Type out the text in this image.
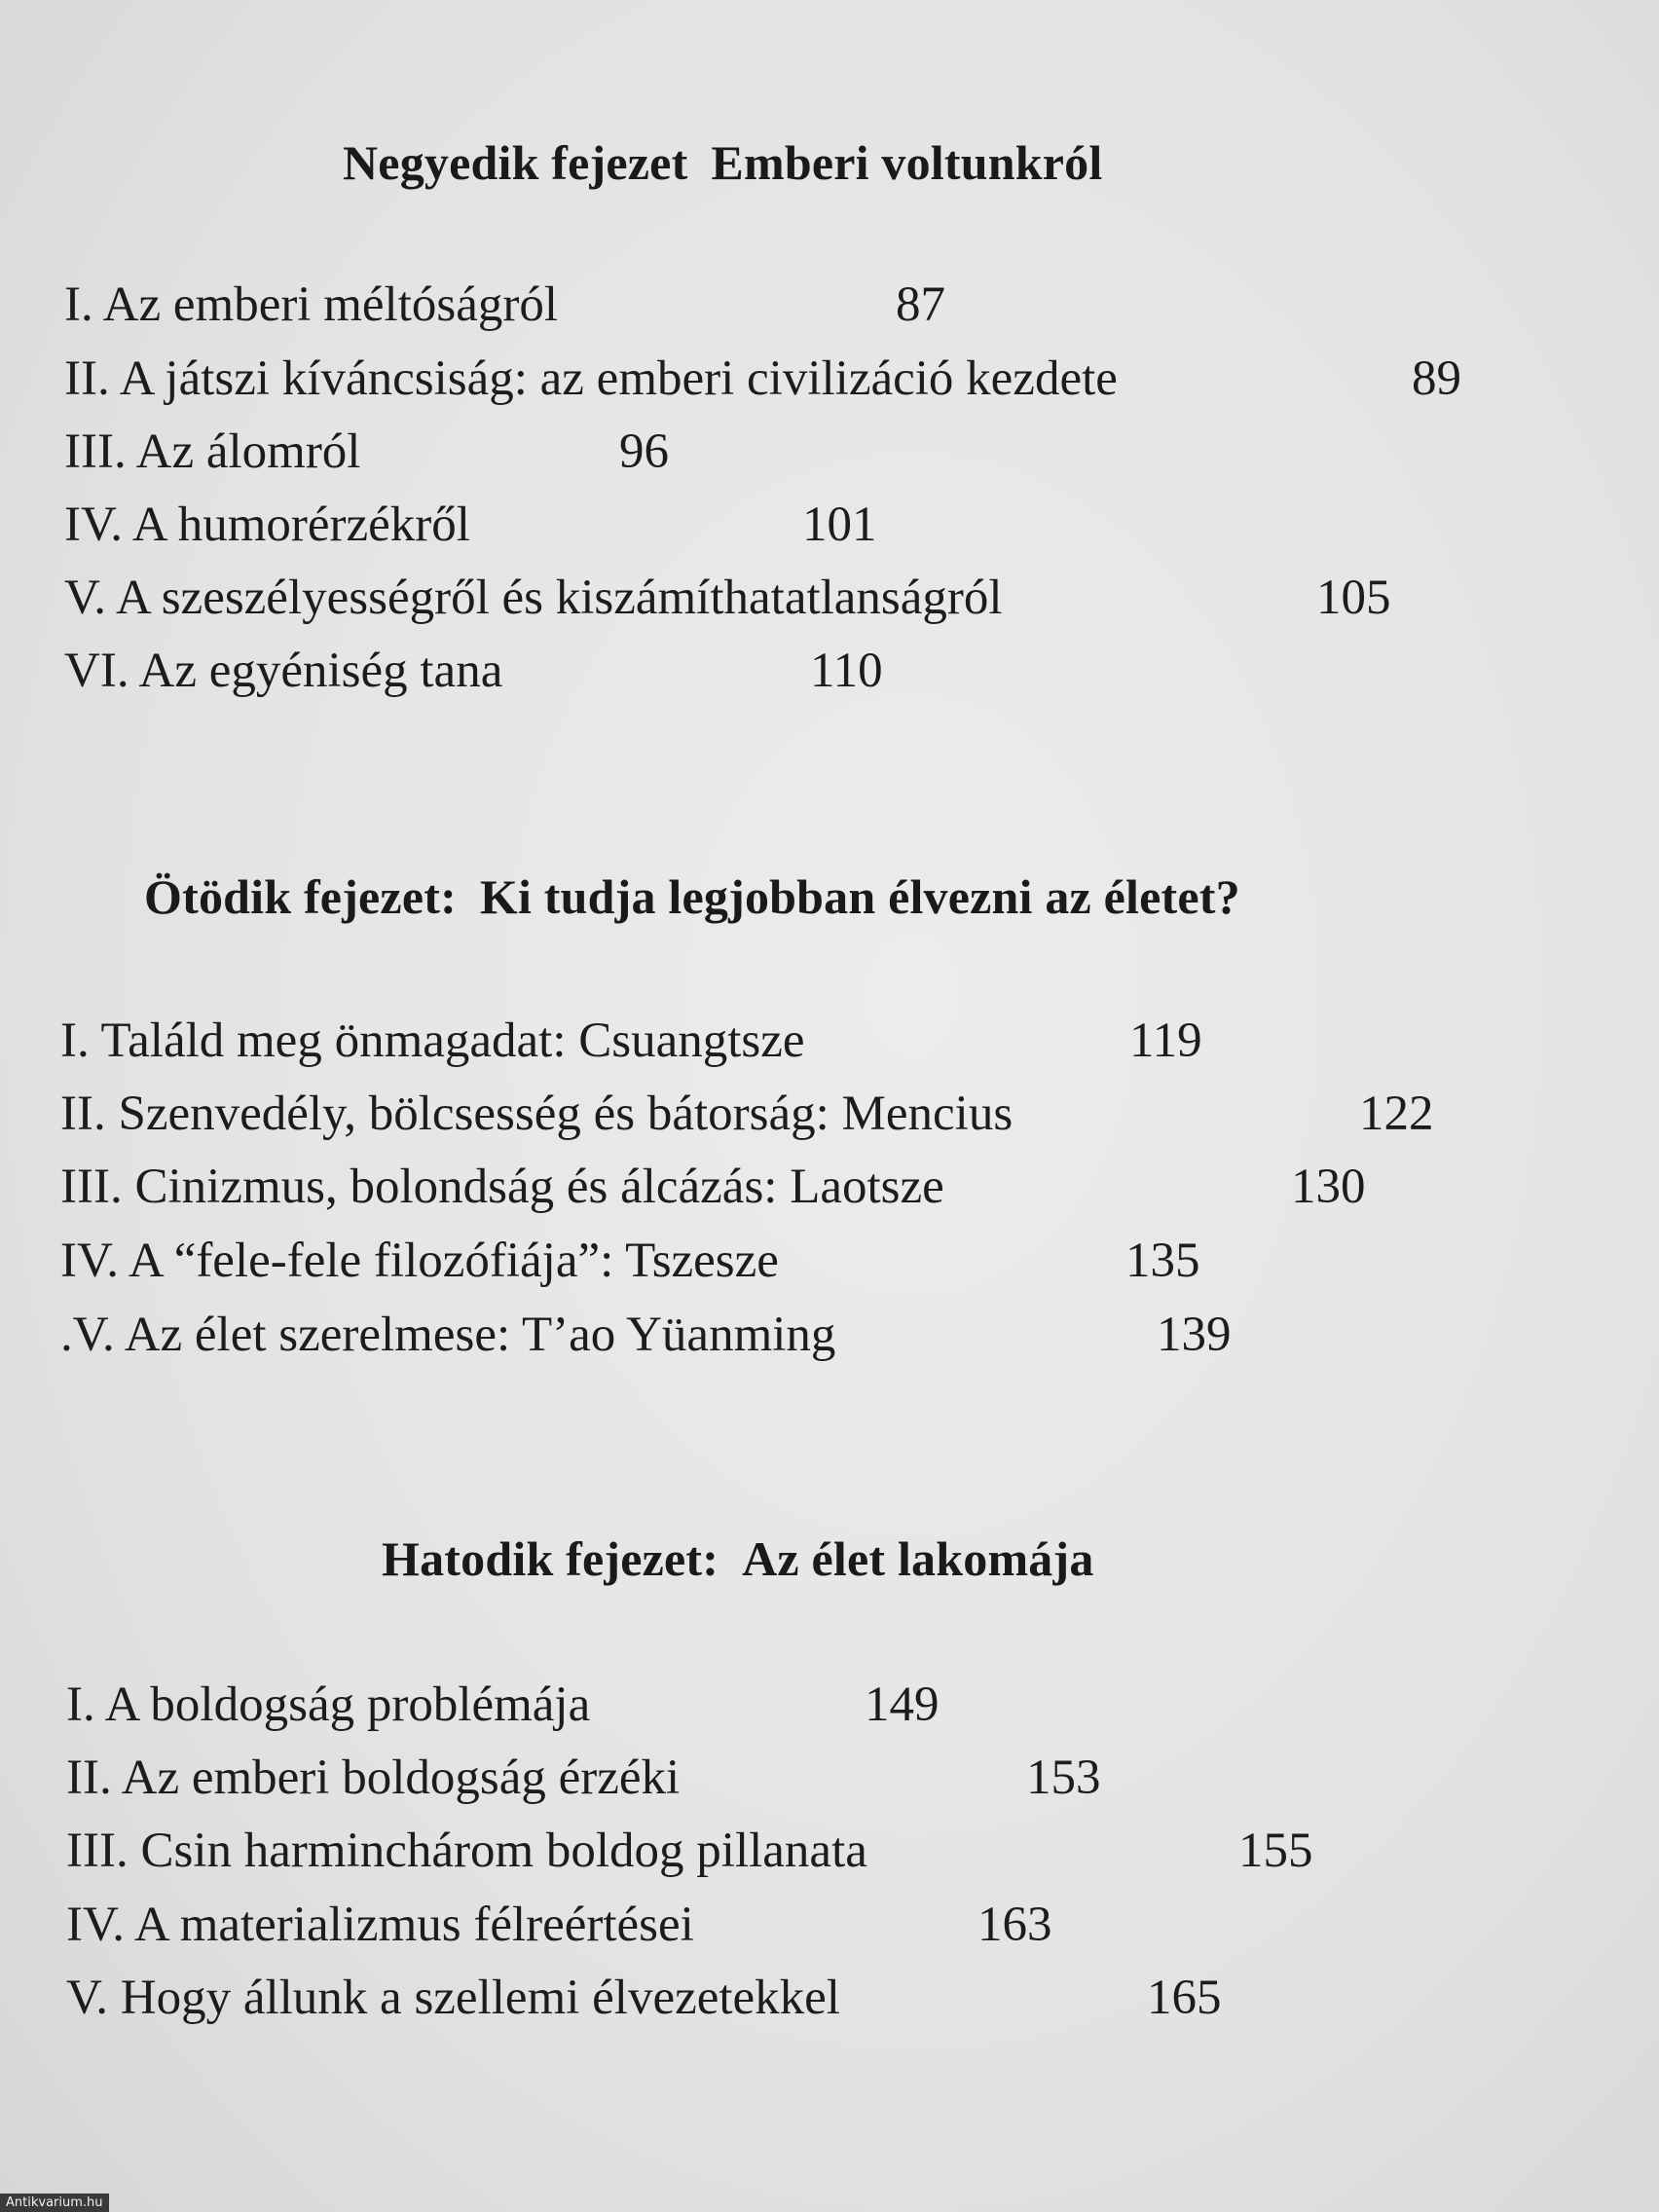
Negyedik fejezet Emberi voltunkról
I. Az emberi méltóságról	87
II. A játszi kíváncsiság: az emberi civilizáció kezdete	89
III. Az álomról	96
IV. A humorérzékről	101
V. A szeszélyességről és kiszámíthatatlanságról	105
VI. Az egyéniség tana	110
Ötödik fejezet: Ki tudja legjobban élvezni az életet?
I. Találd meg önmagadat: Csuangtsze	119
II. Szenvedély, bölcsesség és bátorság: Mencius	122
III. Cinizmus, bolondság és álcázás: Laotsze	130
IV. A “fele-fele filozófiája”: Tszesze	135
.V. Az élet szerelmese: T’ao Yüanming	139
Hatodik fejezet: Az élet lakomája
I. A boldogság problémája	149
II. Az emberi boldogság érzéki	153
III. Csin harminchárom boldog pillanata	155
IV. A materializmus félreértései	163
V. Hogy állunk a szellemi élvezetekkel	165
Antikvarium.hu
